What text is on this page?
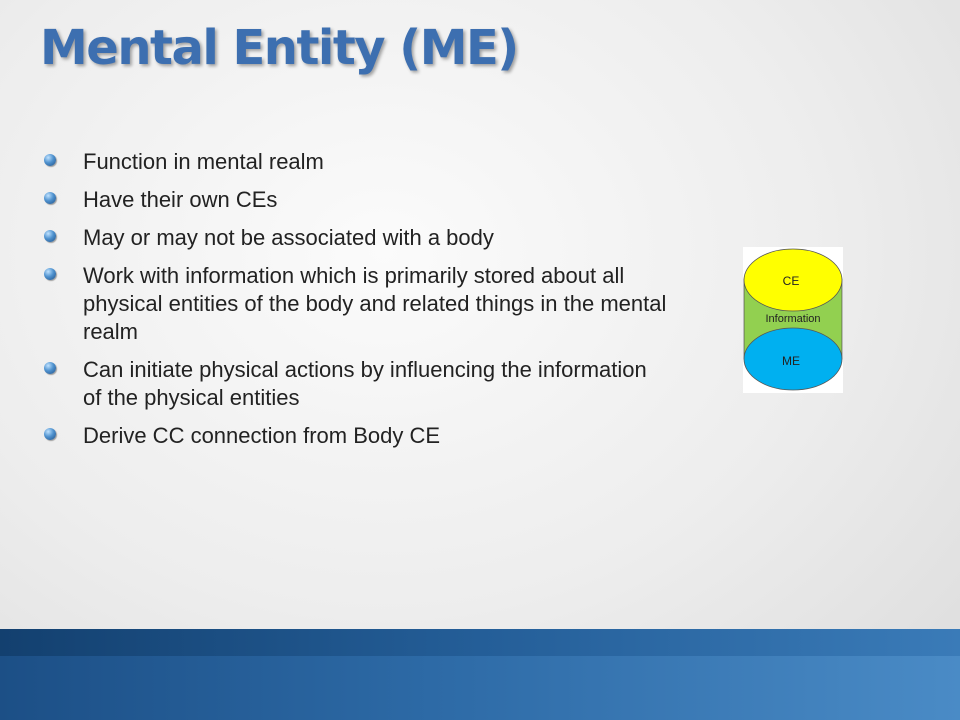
Mental Entity (ME)
Function in mental realm
Have their own CEs
May or may not be associated with a body
Work with information which is primarily stored about all physical entities of the body and related things in the mental realm
Can initiate physical actions by influencing the information of the physical entities
Derive CC connection from Body CE
CE
Information
ME
